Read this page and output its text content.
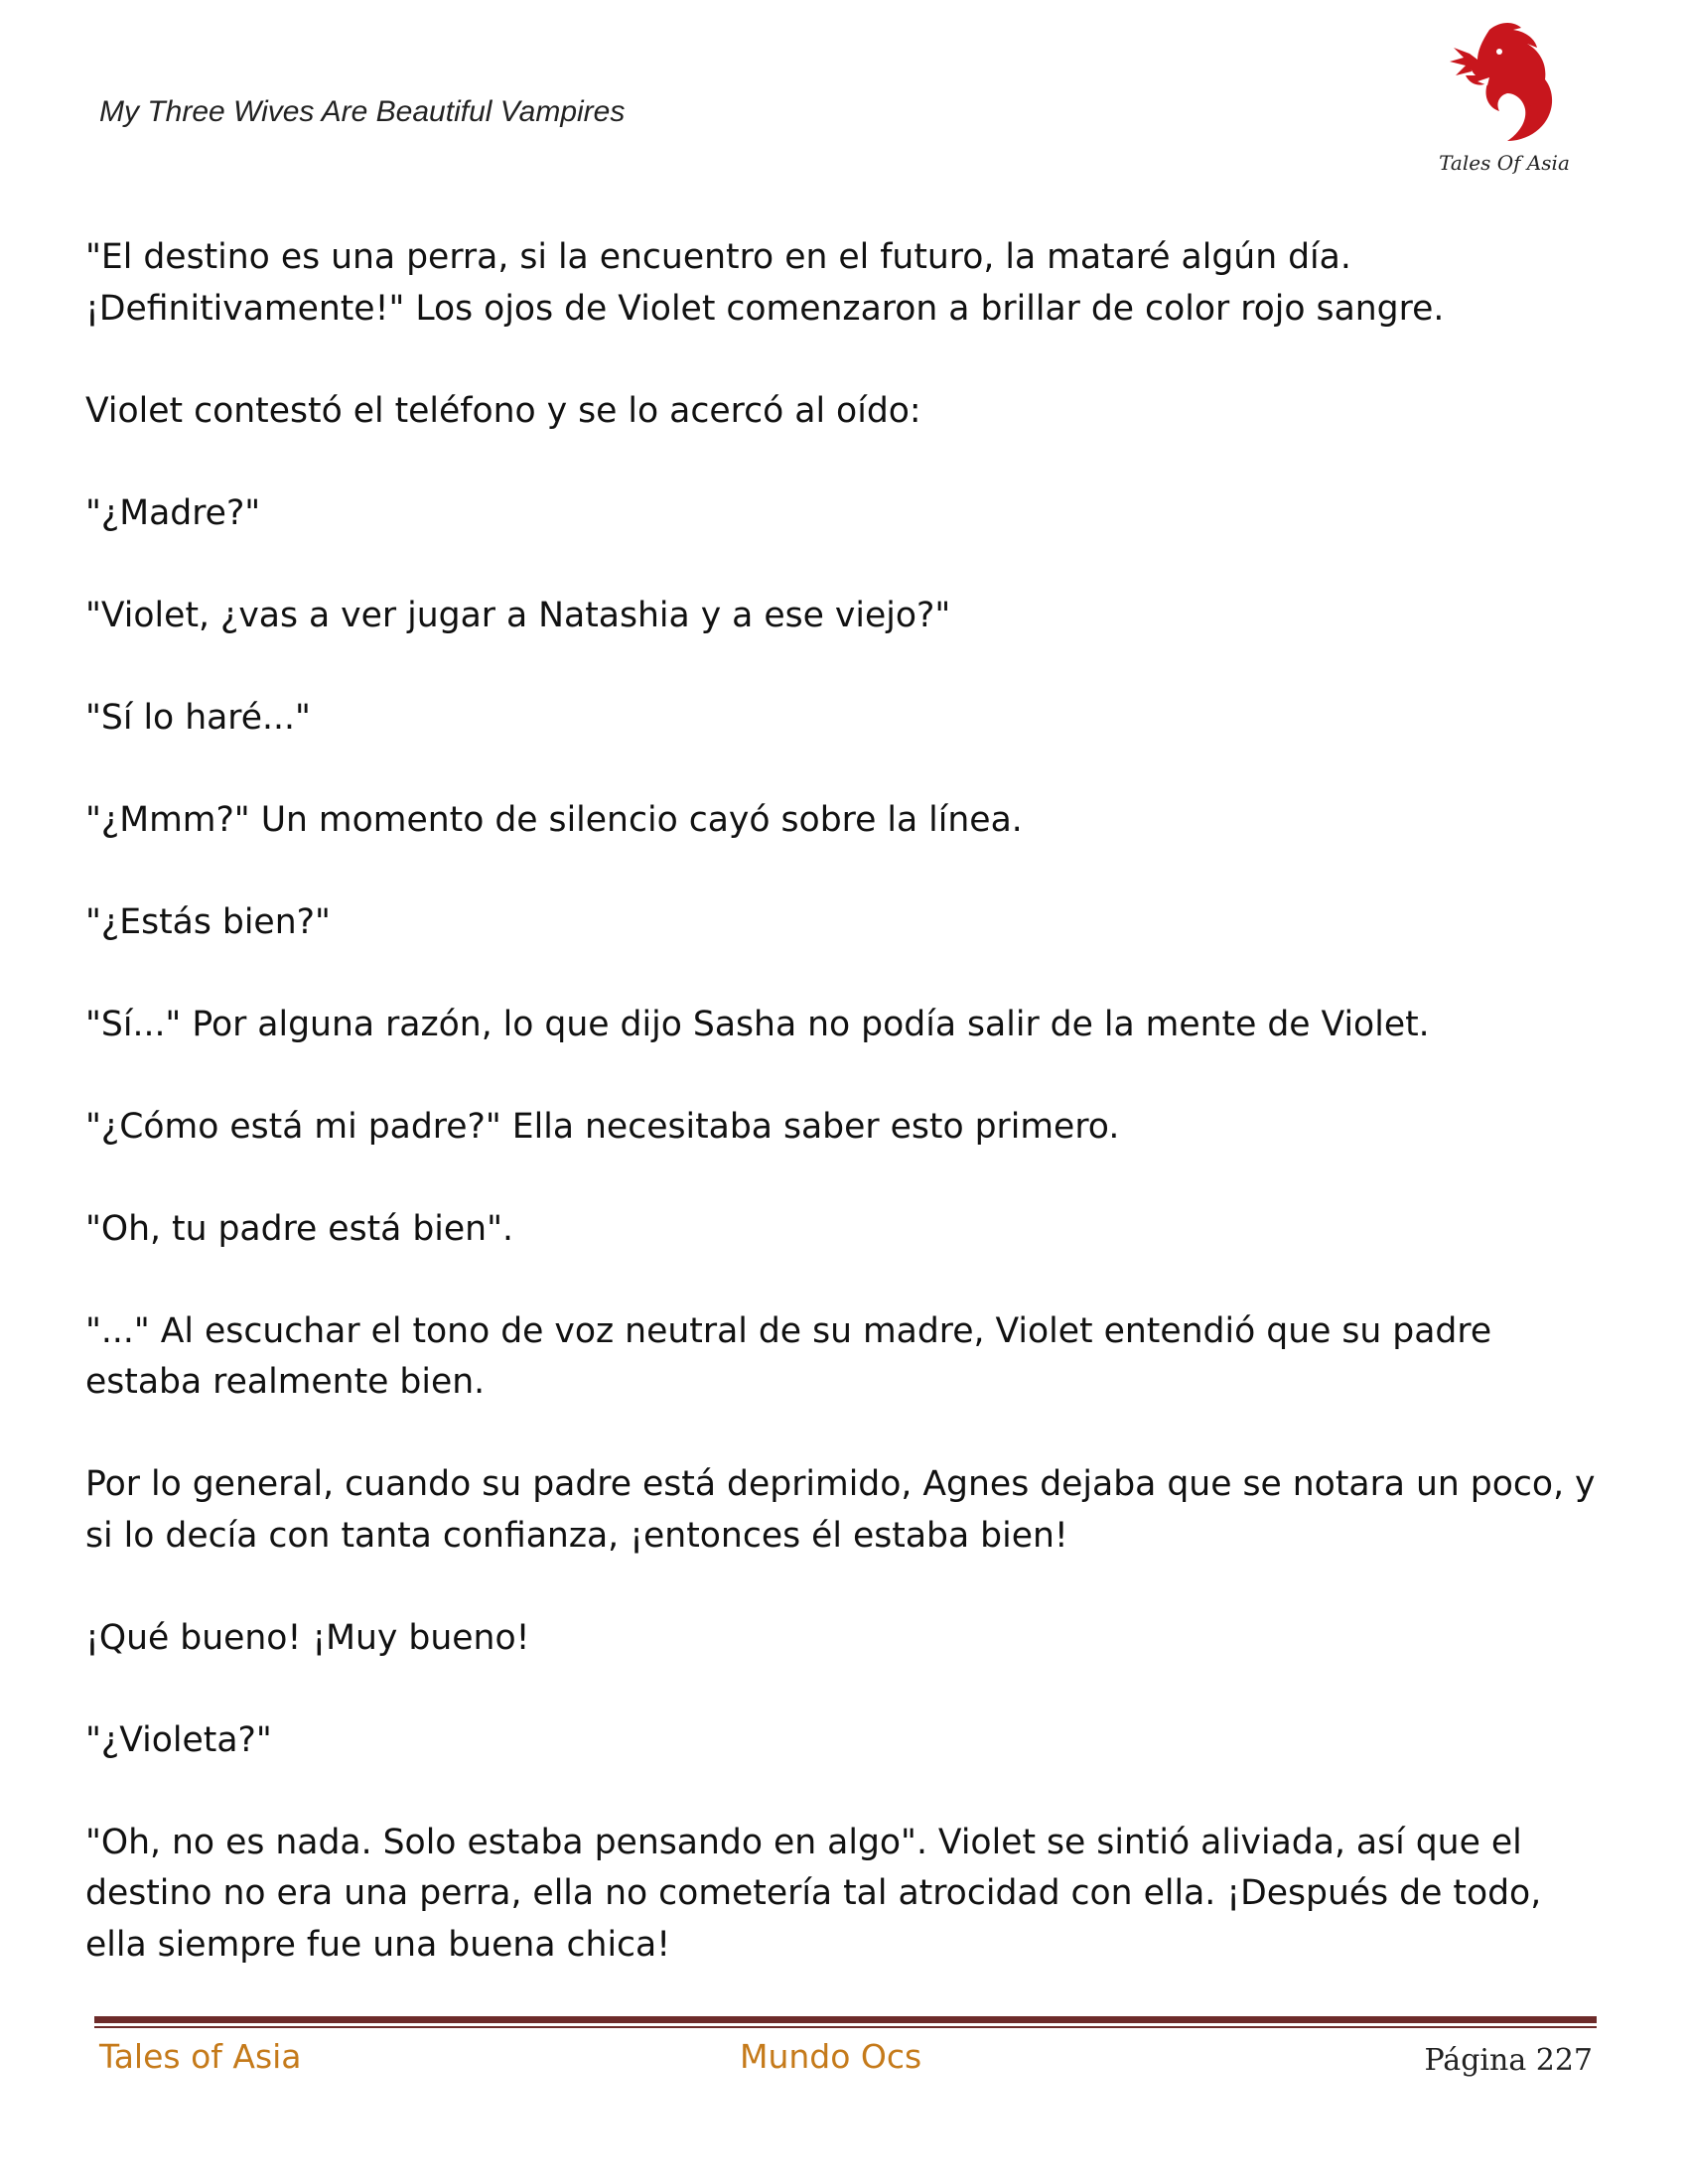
My Three Wives Are Beautiful Vampires
Tales Of Asia

"El destino es una perra, si la encuentro en el futuro, la mataré algún día. ¡Definitivamente!" Los ojos de Violet comenzaron a brillar de color rojo sangre.

Violet contestó el teléfono y se lo acercó al oído:

"¿Madre?"

"Violet, ¿vas a ver jugar a Natashia y a ese viejo?"

"Sí lo haré..."

"¿Mmm?" Un momento de silencio cayó sobre la línea.

"¿Estás bien?"

"Sí..." Por alguna razón, lo que dijo Sasha no podía salir de la mente de Violet.

"¿Cómo está mi padre?" Ella necesitaba saber esto primero.

"Oh, tu padre está bien".

"..." Al escuchar el tono de voz neutral de su madre, Violet entendió que su padre estaba realmente bien.

Por lo general, cuando su padre está deprimido, Agnes dejaba que se notara un poco, y si lo decía con tanta confianza, ¡entonces él estaba bien!

¡Qué bueno! ¡Muy bueno!

"¿Violeta?"

"Oh, no es nada. Solo estaba pensando en algo". Violet se sintió aliviada, así que el destino no era una perra, ella no cometería tal atrocidad con ella. ¡Después de todo, ella siempre fue una buena chica!

Tales of Asia	Mundo Ocs	Página 227
